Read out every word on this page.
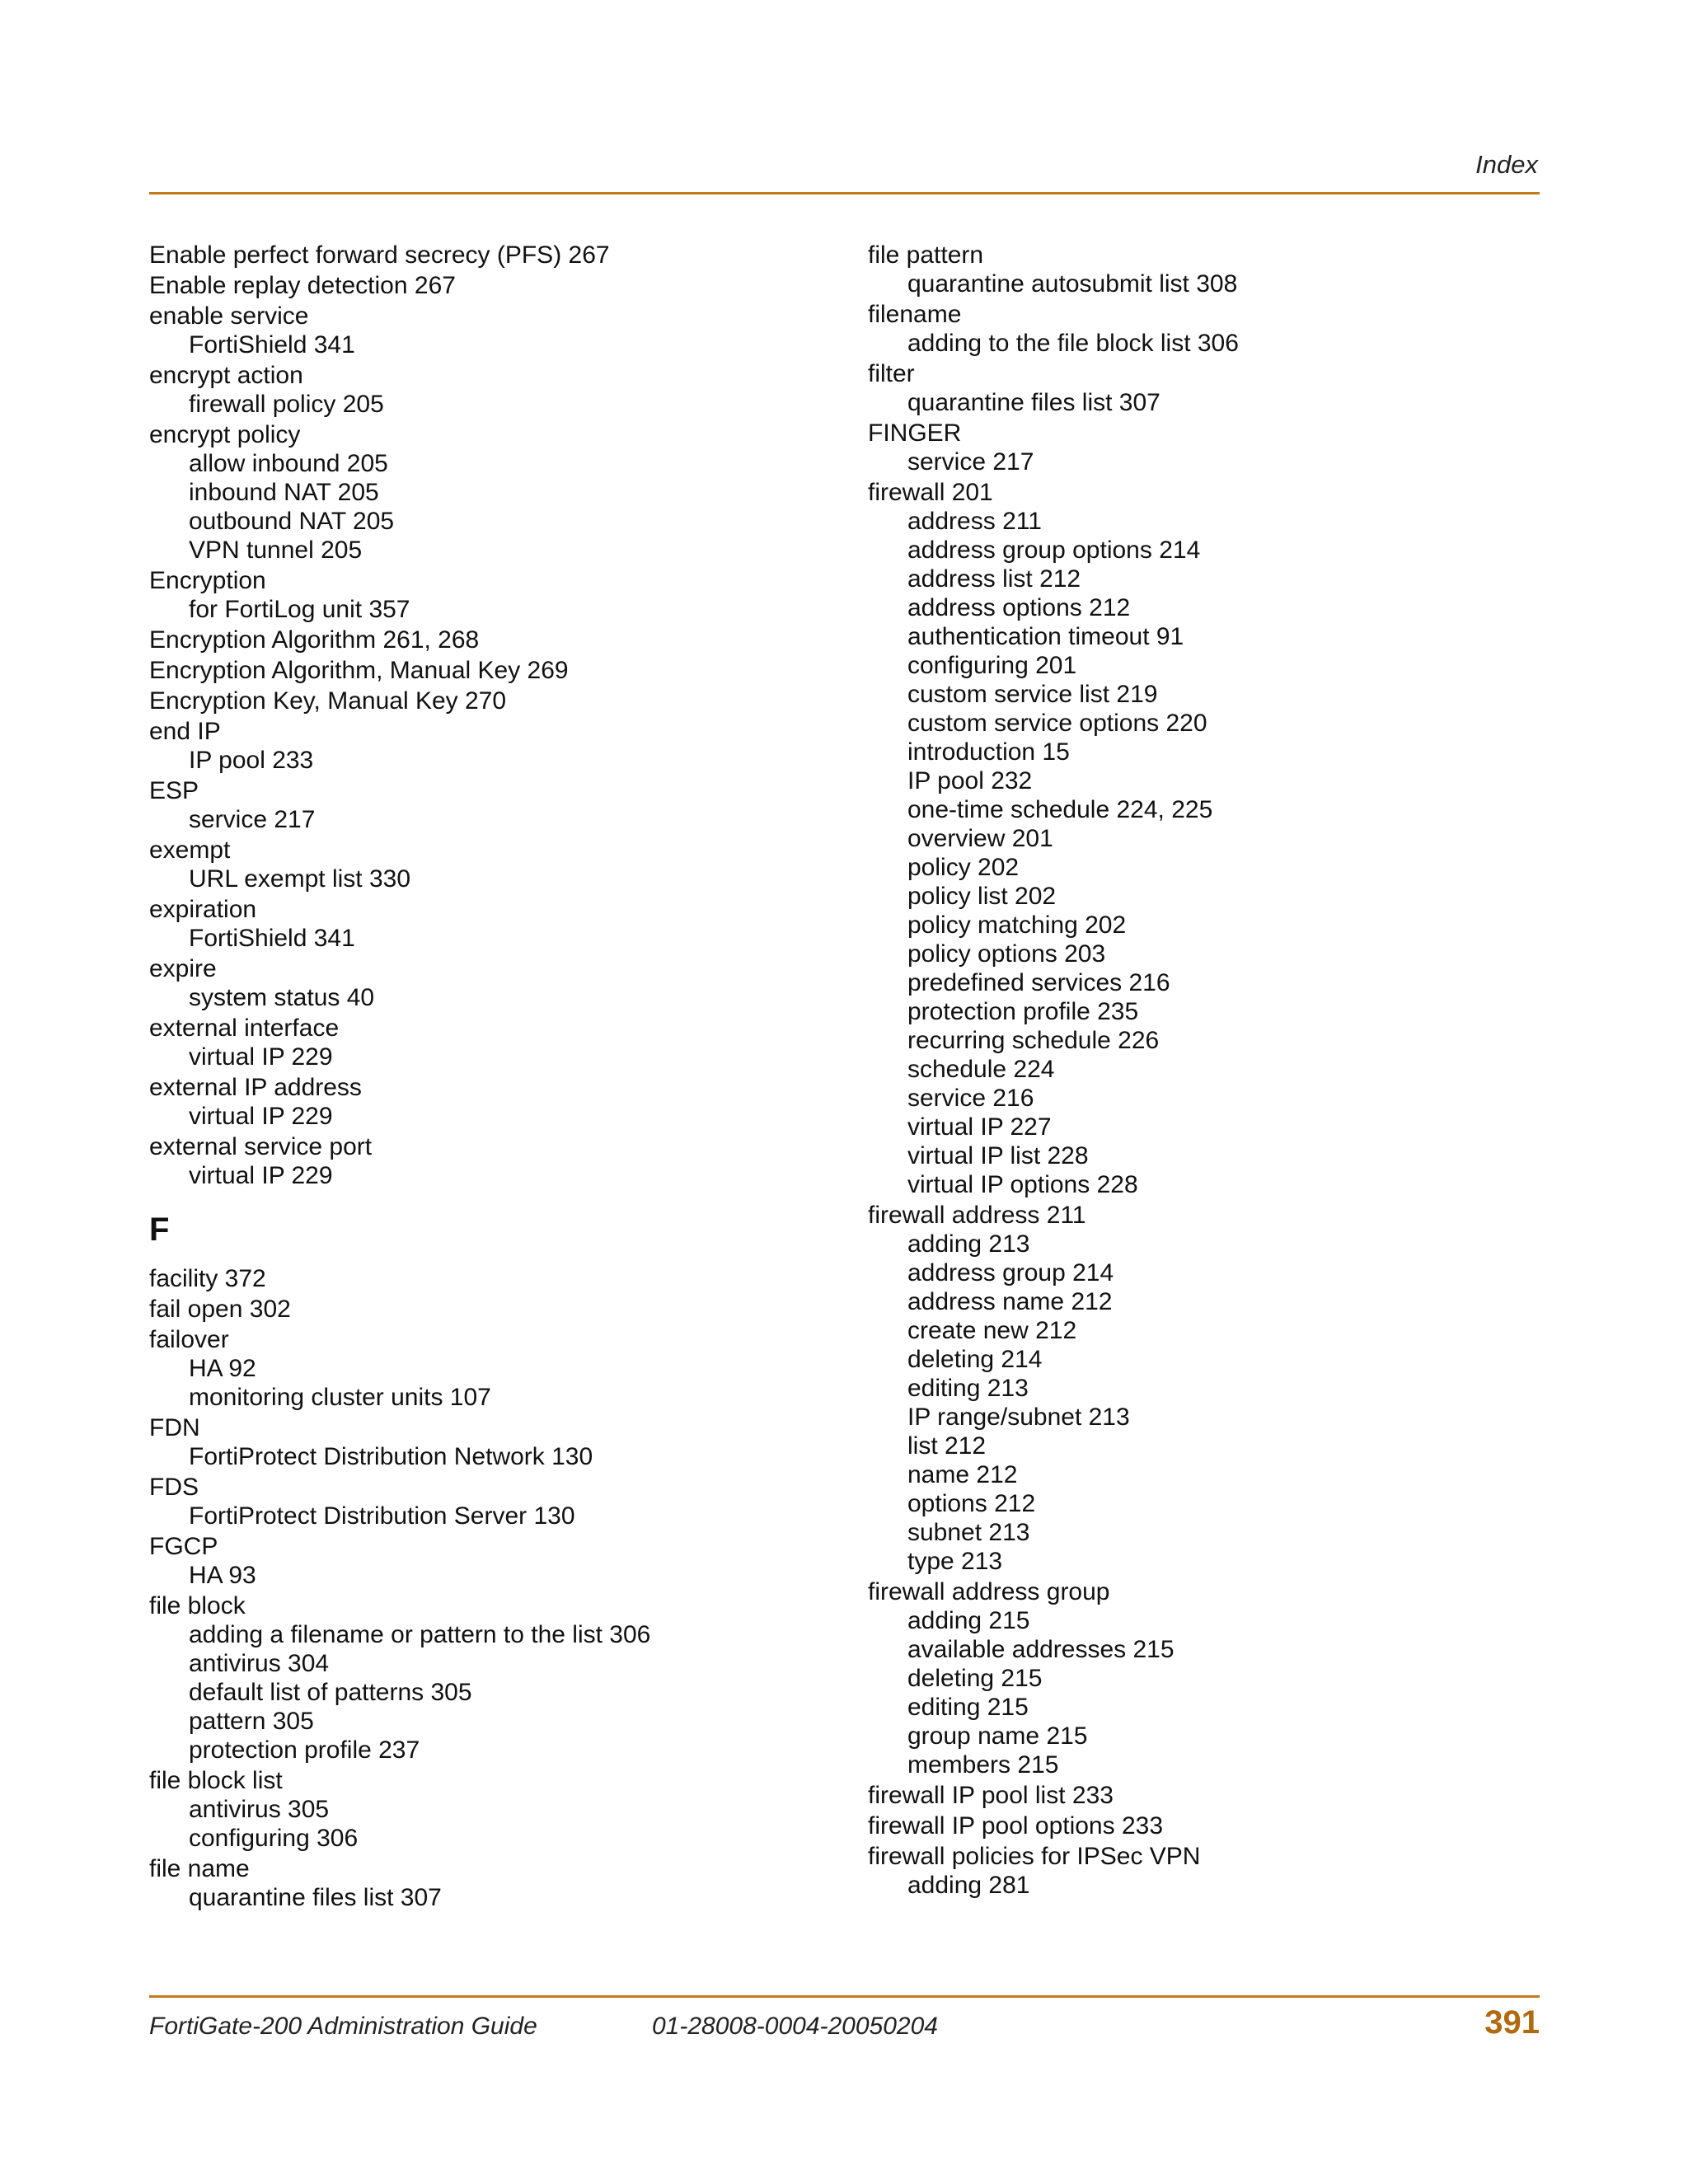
Index
Enable perfect forward secrecy (PFS) 267
Enable replay detection 267
enable service
FortiShield 341
encrypt action
firewall policy 205
encrypt policy
allow inbound 205
inbound NAT 205
outbound NAT 205
VPN tunnel 205
Encryption
for FortiLog unit 357
Encryption Algorithm 261, 268
Encryption Algorithm, Manual Key 269
Encryption Key, Manual Key 270
end IP
IP pool 233
ESP
service 217
exempt
URL exempt list 330
expiration
FortiShield 341
expire
system status 40
external interface
virtual IP 229
external IP address
virtual IP 229
external service port
virtual IP 229
F
facility 372
fail open 302
failover
HA 92
monitoring cluster units 107
FDN
FortiProtect Distribution Network 130
FDS
FortiProtect Distribution Server 130
FGCP
HA 93
file block
adding a filename or pattern to the list 306
antivirus 304
default list of patterns 305
pattern 305
protection profile 237
file block list
antivirus 305
configuring 306
file name
quarantine files list 307
file pattern
quarantine autosubmit list 308
filename
adding to the file block list 306
filter
quarantine files list 307
FINGER
service 217
firewall 201
address 211
address group options 214
address list 212
address options 212
authentication timeout 91
configuring 201
custom service list 219
custom service options 220
introduction 15
IP pool 232
one-time schedule 224, 225
overview 201
policy 202
policy list 202
policy matching 202
policy options 203
predefined services 216
protection profile 235
recurring schedule 226
schedule 224
service 216
virtual IP 227
virtual IP list 228
virtual IP options 228
firewall address 211
adding 213
address group 214
address name 212
create new 212
deleting 214
editing 213
IP range/subnet 213
list 212
name 212
options 212
subnet 213
type 213
firewall address group
adding 215
available addresses 215
deleting 215
editing 215
group name 215
members 215
firewall IP pool list 233
firewall IP pool options 233
firewall policies for IPSec VPN
adding 281
FortiGate-200 Administration Guide	01-28008-0004-20050204	391
